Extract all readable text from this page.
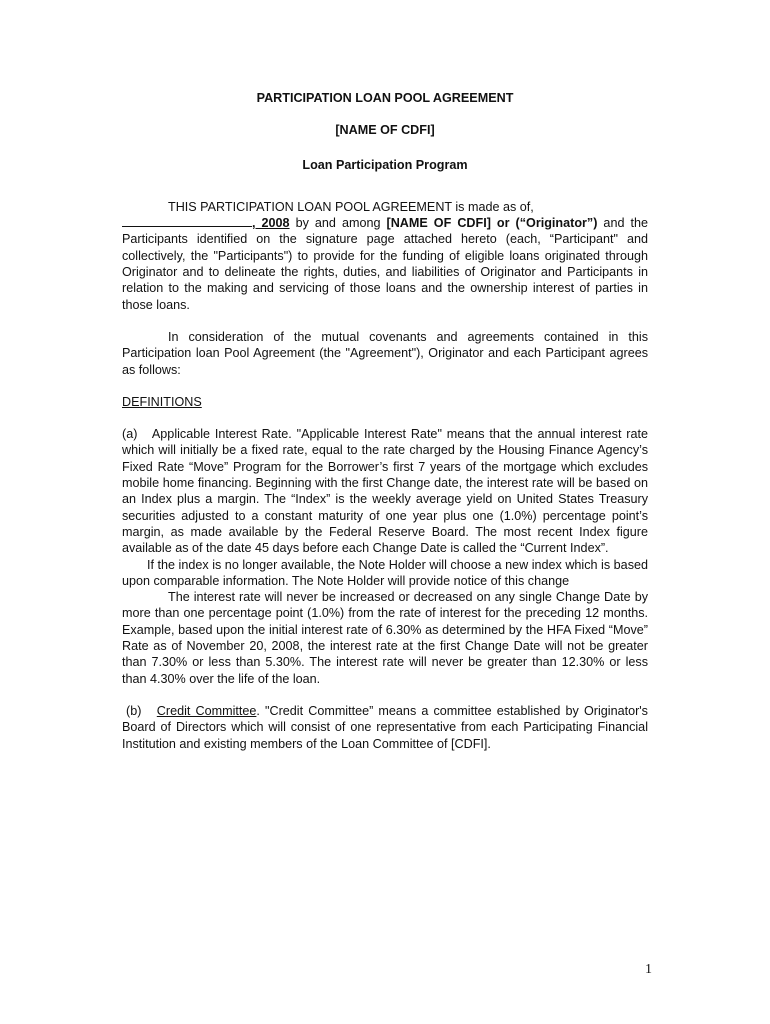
PARTICIPATION LOAN POOL AGREEMENT
[NAME OF CDFI]
Loan Participation Program

THIS PARTICIPATION LOAN POOL AGREEMENT is made as of,
, 2008 by and among [NAME OF CDFI] or (“Originator”) and the Participants identified on the signature page attached hereto (each, “Participant" and collectively, the "Participants") to provide for the funding of eligible loans originated through Originator and to delineate the rights, duties, and liabilities of Originator and Participants in relation to the making and servicing of those loans and the ownership interest of parties in those loans.

In consideration of the mutual covenants and agreements contained in this Participation loan Pool Agreement (the "Agreement"), Originator and each Participant agrees as follows:

DEFINITIONS

(a) Applicable Interest Rate. "Applicable Interest Rate" means that the annual interest rate which will initially be a fixed rate, equal to the rate charged by the Housing Finance Agency’s Fixed Rate “Move” Program for the Borrower’s first 7 years of the mortgage which excludes mobile home financing. Beginning with the first Change date, the interest rate will be based on an Index plus a margin. The “Index” is the weekly average yield on United States Treasury securities adjusted to a constant maturity of one year plus one (1.0%) percentage point’s margin, as made available by the Federal Reserve Board. The most recent Index figure available as of the date 45 days before each Change Date is called the “Current Index”.

If the index is no longer available, the Note Holder will choose a new index which is based upon comparable information. The Note Holder will provide notice of this change

The interest rate will never be increased or decreased on any single Change Date by more than one percentage point (1.0%) from the rate of interest for the preceding 12 months. Example, based upon the initial interest rate of 6.30% as determined by the HFA Fixed “Move” Rate as of November 20, 2008, the interest rate at the first Change Date will not be greater than 7.30% or less than 5.30%. The interest rate will never be greater than 12.30% or less than 4.30% over the life of the loan.

(b) Credit Committee. "Credit Committee” means a committee established by Originator's Board of Directors which will consist of one representative from each Participating Financial Institution and existing members of the Loan Committee of [CDFI].

1
